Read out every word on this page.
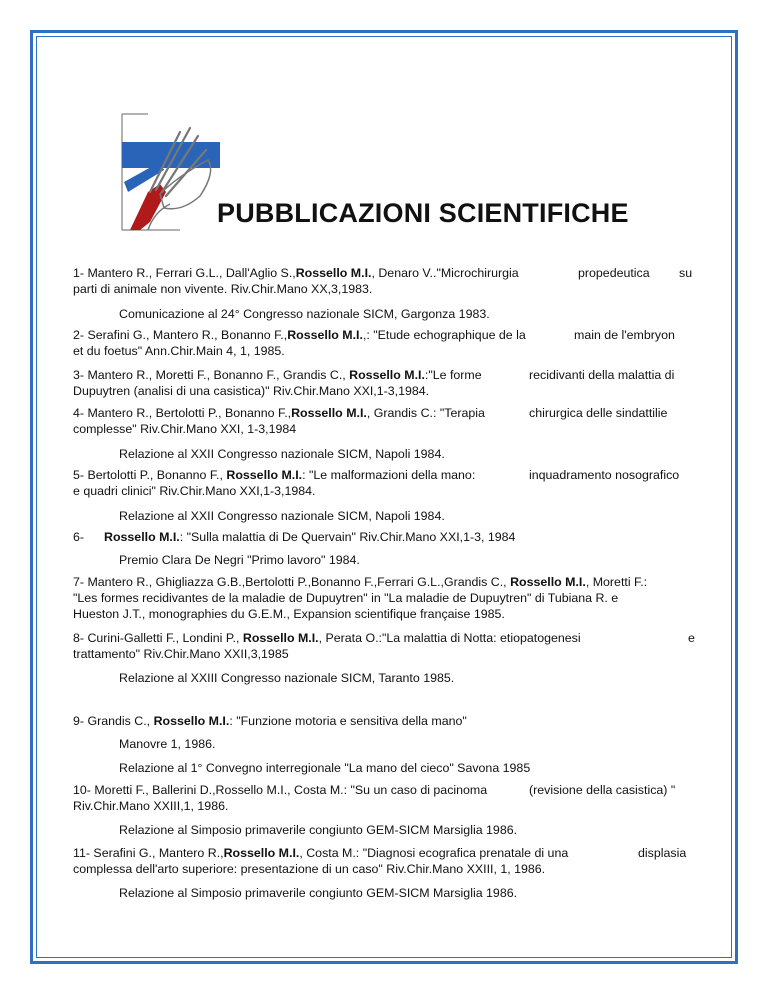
PUBBLICAZIONI SCIENTIFICHE
1- Mantero R., Ferrari G.L., Dall'Aglio S.,Rossello M.I., Denaro V.."Microchirurgia	propedeutica su
parti di animale non vivente. Riv.Chir.Mano XX,3,1983.
Comunicazione al 24° Congresso nazionale SICM, Gargonza 1983.
2- Serafini G., Mantero R., Bonanno F.,Rossello M.I.,: "Etude echographique de la	main de l'embryon
et du foetus" Ann.Chir.Main 4, 1, 1985.
3- Mantero R., Moretti F., Bonanno F., Grandis C., Rossello M.I.:"Le forme	recidivanti della malattia di
Dupuytren (analisi di una casistica)" Riv.Chir.Mano XXI,1-3,1984.
4- Mantero R., Bertolotti P., Bonanno F.,Rossello M.I., Grandis C.: "Terapia	chirurgica delle sindattilie
complesse" Riv.Chir.Mano XXI, 1-3,1984
Relazione al XXII Congresso nazionale SICM, Napoli 1984.
5- Bertolotti P., Bonanno F., Rossello M.I.: "Le malformazioni della mano:	inquadramento nosografico
e quadri clinici" Riv.Chir.Mano XXI,1-3,1984.
Relazione al XXII Congresso nazionale SICM, Napoli 1984.
6- Rossello M.I.: "Sulla malattia di De Quervain" Riv.Chir.Mano XXI,1-3, 1984
Premio Clara De Negri "Primo lavoro" 1984.
7- Mantero R., Ghigliazza G.B.,Bertolotti P.,Bonanno F.,Ferrari G.L.,Grandis C., Rossello M.I., Moretti F.:
"Les formes recidivantes de la maladie de Dupuytren" in "La maladie de Dupuytren" di Tubiana R. e
Hueston J.T., monographies du G.E.M., Expansion scientifique française 1985.
8- Curini-Galletti F., Londini P., Rossello M.I., Perata O.:"La malattia di Notta: etiopatogenesi	e
trattamento" Riv.Chir.Mano XXII,3,1985
Relazione al XXIII Congresso nazionale SICM, Taranto 1985.
9- Grandis C., Rossello M.I.: "Funzione motoria e sensitiva della mano"
Manovre 1, 1986.
Relazione al 1° Convegno interregionale "La mano del cieco" Savona 1985
10- Moretti F., Ballerini D.,Rossello M.I., Costa M.: "Su un caso di pacinoma	(revisione della casistica) "
Riv.Chir.Mano XXIII,1, 1986.
Relazione al Simposio primaverile congiunto GEM-SICM Marsiglia 1986.
11- Serafini G., Mantero R.,Rossello M.I., Costa M.: "Diagnosi ecografica prenatale di una	displasia
complessa dell'arto superiore: presentazione di un caso" Riv.Chir.Mano XXIII, 1, 1986.
Relazione al Simposio primaverile congiunto GEM-SICM Marsiglia 1986.
